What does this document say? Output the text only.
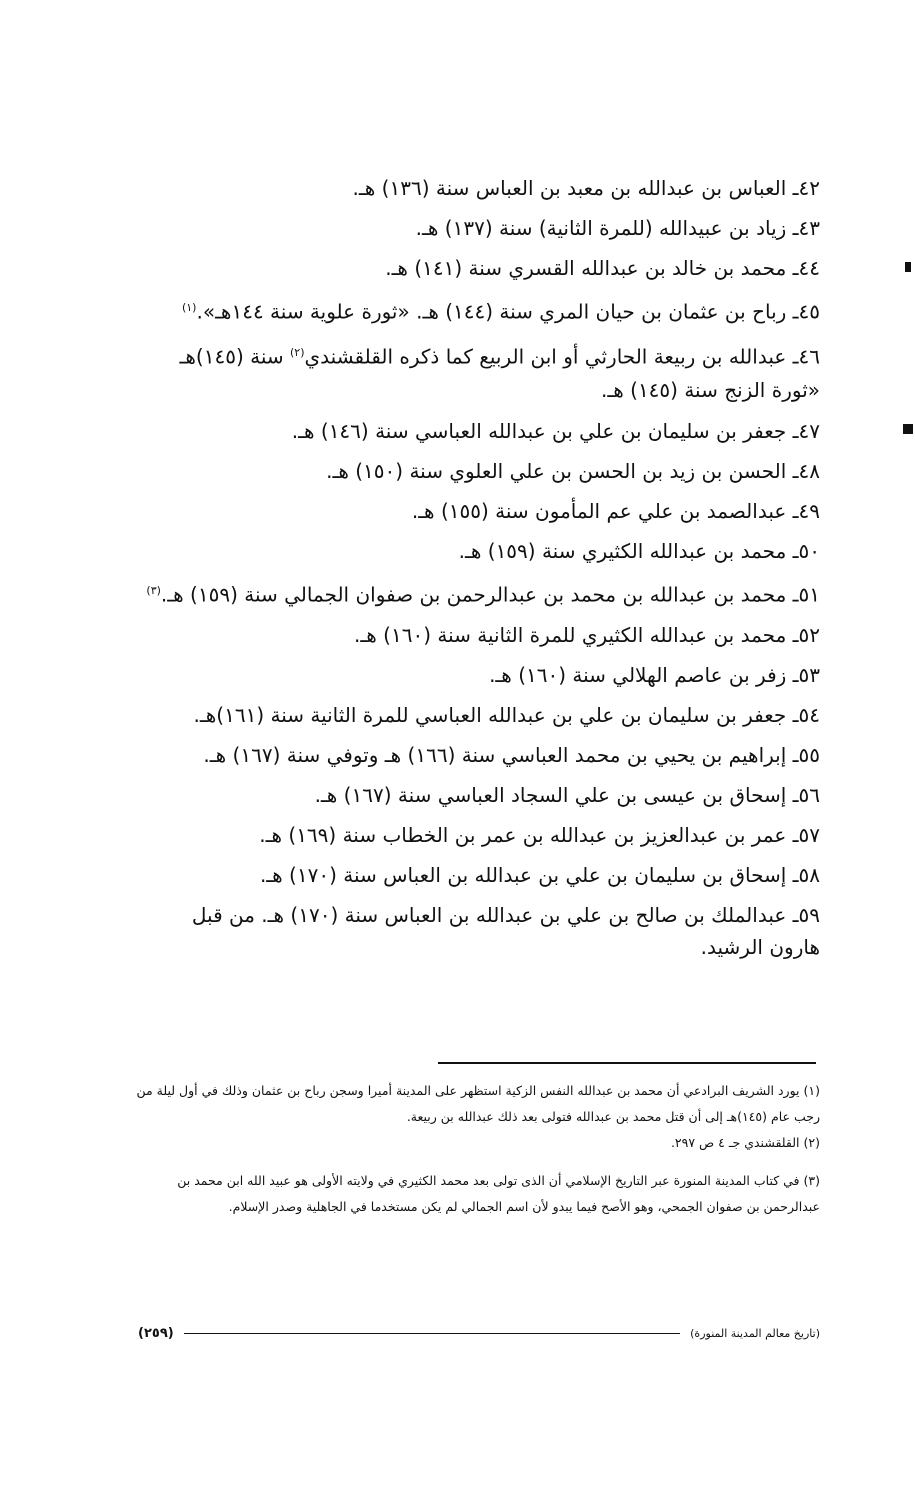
٤٢ـ العباس بن عبدالله بن معبد بن العباس سنة (١٣٦) هـ.
٤٣ـ زياد بن عبيدالله (للمرة الثانية) سنة (١٣٧) هـ.
٤٤ـ محمد بن خالد بن عبدالله القسري سنة (١٤١) هـ.
٤٥ـ رباح بن عثمان بن حيان المري سنة (١٤٤) هـ. «ثورة علوية سنة ١٤٤هـ».$^{(١)}$
٤٦ـ عبدالله بن ربيعة الحارثي أو ابن الربيع كما ذكره القلقشندي$^{(٢)}$ سنة (١٤٥)هـ «ثورة الزنج سنة (١٤٥) هـ.
٤٧ـ جعفر بن سليمان بن علي بن عبدالله العباسي سنة (١٤٦) هـ.
٤٨ـ الحسن بن زيد بن الحسن بن علي العلوي سنة (١٥٠) هـ.
٤٩ـ عبدالصمد بن علي عم المأمون سنة (١٥٥) هـ.
٥٠ـ محمد بن عبدالله الكثيري سنة (١٥٩) هـ.
٥١ـ محمد بن عبدالله بن محمد بن عبدالرحمن بن صفوان الجمالي سنة (١٥٩) هـ.$^{(٣)}$
٥٢ـ محمد بن عبدالله الكثيري للمرة الثانية سنة (١٦٠) هـ.
٥٣ـ زفر بن عاصم الهلالي سنة (١٦٠) هـ.
٥٤ـ جعفر بن سليمان بن علي بن عبدالله العباسي للمرة الثانية سنة (١٦١)هـ.
٥٥ـ إبراهيم بن يحيي بن محمد العباسي سنة (١٦٦) هـ وتوفي سنة (١٦٧) هـ.
٥٦ـ إسحاق بن عيسى بن علي السجاد العباسي سنة (١٦٧) هـ.
٥٧ـ عمر بن عبدالعزيز بن عبدالله بن عمر بن الخطاب سنة (١٦٩) هـ.
٥٨ـ إسحاق بن سليمان بن علي بن عبدالله بن العباس سنة (١٧٠) هـ.
٥٩ـ عبدالملك بن صالح بن علي بن عبدالله بن العباس سنة (١٧٠) هـ. من قبل هارون الرشيد.
(١) يورد الشريف البرادعي أن محمد بن عبدالله النفس الزكية استظهر على المدينة أميرا وسجن رباح بن عثمان وذلك في أول ليلة من رجب عام (١٤٥)هـ إلى أن قتل محمد بن عبدالله فتولى بعد ذلك عبدالله بن ربيعة.
(٢) القلقشندي جـ ٤ ص ٢٩٧.
(٣) في كتاب المدينة المنورة عبر التاريخ الإسلامي أن الذى تولى بعد محمد الكثيري في ولايته الأولى هو عبيد الله ابن محمد بن عبدالرحمن بن صفوان الجمحي، وهو الأصح فيما يبدو لأن اسم الجمالي لم يكن مستخدما في الجاهلية وصدر الإسلام.
(تاريخ معالم المدينة المنورة)
(٢٥٩)
